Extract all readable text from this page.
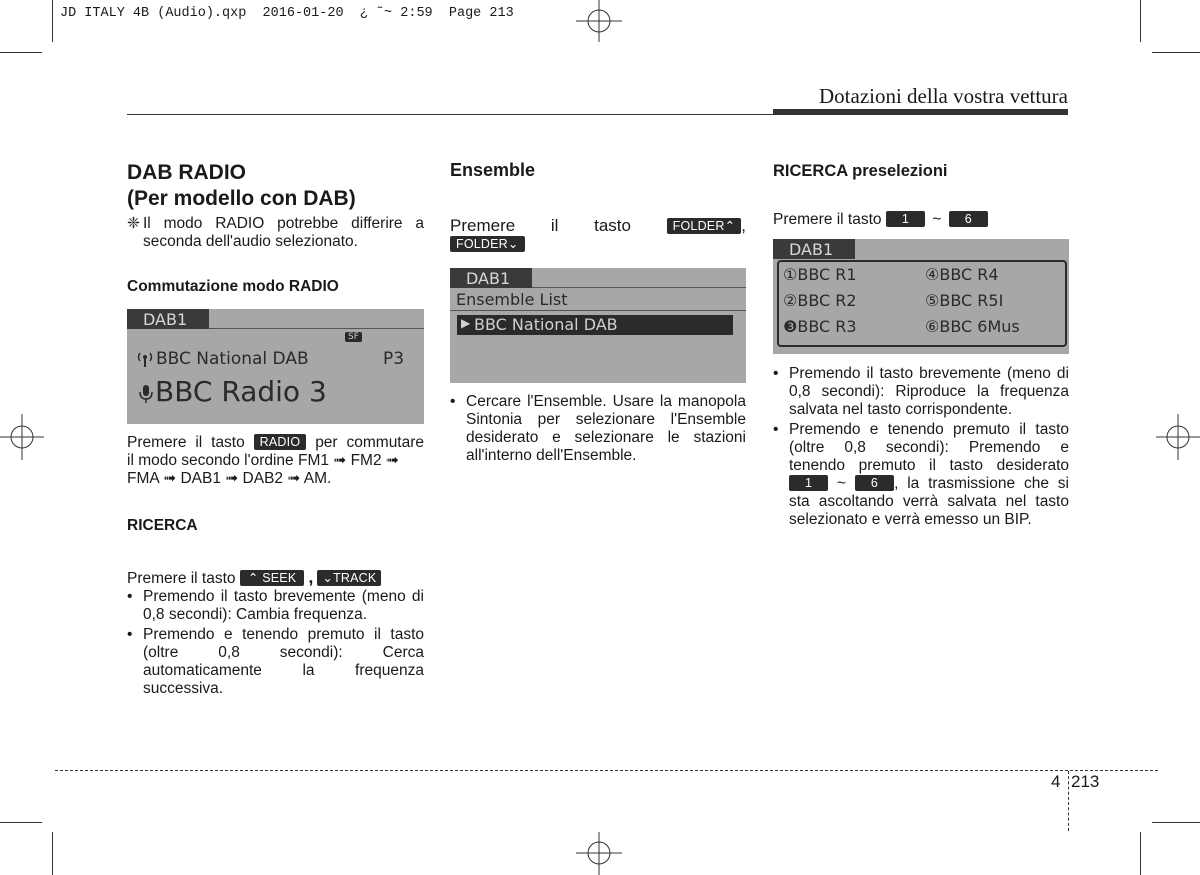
JD ITALY 4B (Audio).qxp  2016-01-20  ¿ ˜~ 2:59  Page 213
Dotazioni della vostra vettura
DAB RADIO
(Per modello con DAB)
❈ Il modo RADIO potrebbe differire a seconda dell'audio selezionato.
Commutazione modo RADIO
DAB1
SF
BBC National DAB	P3
BBC Radio 3
Premere il tasto RADIO per commutare
il modo secondo l'ordine FM1 ➟ FM2 ➟
FMA ➟ DAB1 ➟ DAB2 ➟ AM.
RICERCA
Premere il tasto ⌃ SEEK , ⌄TRACK
• Premendo il tasto brevemente (meno di 0,8 secondi): Cambia frequenza.
• Premendo e tenendo premuto il tasto (oltre 0,8 secondi): Cerca automaticamente la frequenza successiva.
Ensemble
Premere il tasto	FOLDER⌃ ,
FOLDER⌄
DAB1
Ensemble List
▶ BBC National DAB
• Cercare l'Ensemble. Usare la manopola Sintonia per selezionare l'Ensemble desiderato e selezionare le stazioni all'interno dell'Ensemble.
RICERCA preselezioni
Premere il tasto 1 ~ 6
DAB1
①BBC R1	④BBC R4
②BBC R2	⑤BBC R5I
❸BBC R3	⑥BBC 6Mus
• Premendo il tasto brevemente (meno di 0,8 secondi): Riproduce la frequenza salvata nel tasto corrispondente.
• Premendo e tenendo premuto il tasto
(oltre 0,8 secondi): Premendo e
tenendo premuto il tasto desiderato
1 ~ 6 , la trasmissione che si
sta ascoltando verrà salvata nel tasto selezionato e verrà emesso un BIP.
4 213
